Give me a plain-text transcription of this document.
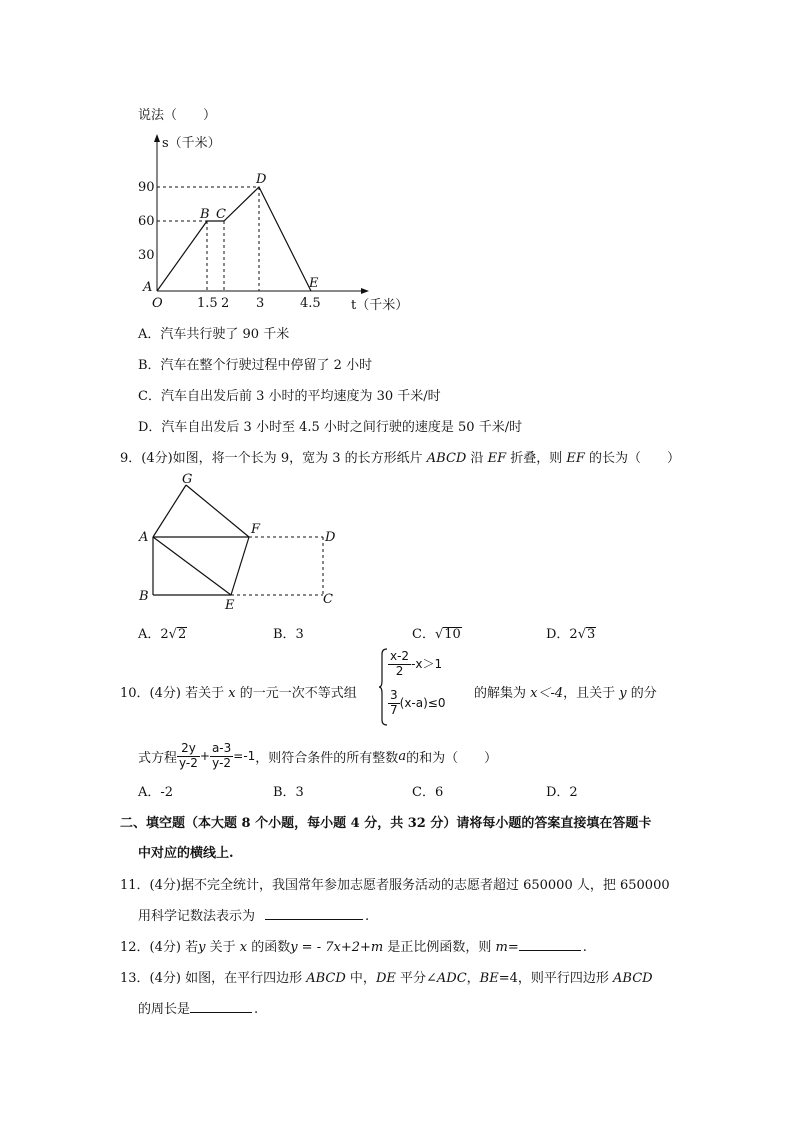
说法（　　）
s（千米）
90
60
30
A
O
B C
D
E
1.5 2 3	4.5 t（千米）
A．汽车共行驶了 90 千米
B．汽车在整个行驶过程中停留了 2 小时
C．汽车自出发后前 3 小时的平均速度为 30 千米/时
D．汽车自出发后 3 小时至 4.5 小时之间行驶的速度是 50 千米/时
9．(4分)如图，将一个长为 9，宽为 3 的长方形纸片 ABCD 沿 EF 折叠，则 EF 的长为（　　）
G
A
F
D
B
E	C
A．2√2	B．3	C．√10	D．2√3
10．(4分) 若关于 x 的一元一次不等式组
$\frac{x-2}{2} -x>1$
$\frac{3}{7} (x-a)\le 0$
的解集为 x＜-4，且关于 y 的分
式方程 $\frac{2y}{y-2} + \frac{a-3}{y-2} =-1$ ，则符合条件的所有整数 a 的和为（　　）
A．-2	B．3	C．6	D．2
二、填空题（本大题 8 个小题，每小题 4 分，共 32 分）请将每小题的答案直接填在答题卡
中对应的横线上.
11．(4分)据不完全统计，我国常年参加志愿者服务活动的志愿者超过 650000 人，把 650000
用科学记数法表示为	.
12．(4分) 若y 关于 x 的函数y = - 7x+2+m 是正比例函数，则 m=	.
13．(4分) 如图，在平行四边形 ABCD 中，DE 平分∠ADC，BE=4，则平行四边形 ABCD
的周长是	.
